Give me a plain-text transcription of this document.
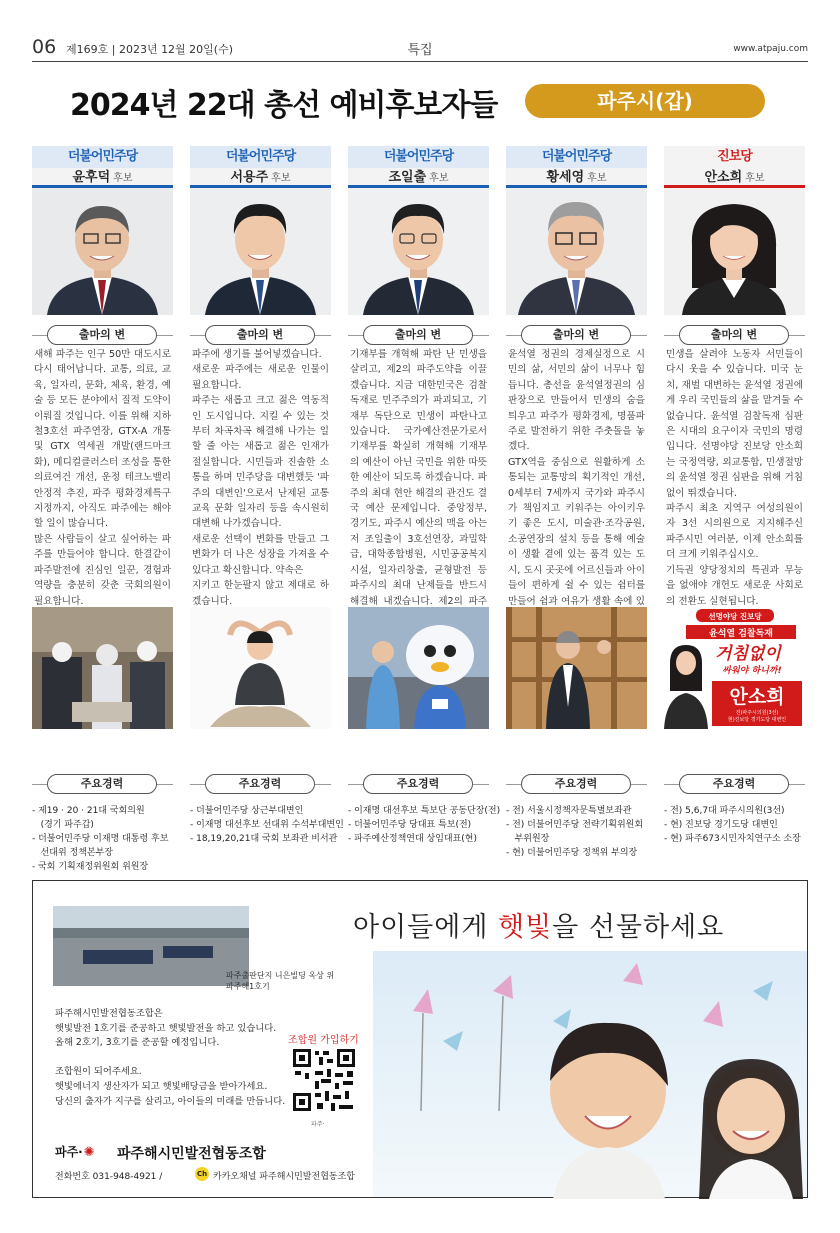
06 제169호 | 2023년 12월 20일(수)	특집	www.atpaju.com
2024년 22대 총선 예비후보자들	파주시(갑)
더불어민주당
윤후덕 후보
출마의 변
새해 파주는 인구 50만 대도시로 다시 태어납니다. 교통, 의료, 교육, 일자리, 문화, 체육, 환경, 예술 등 모든 분야에서 질적 도약이 이뤄질 것입니다. 이를 위해 지하철3호선 파주연장, GTX-A 개통 및 GTX 역세권 개발(랜드마크화), 메디컬클러스터 조성을 통한 의료여건 개선, 운정 테크노밸리 안정적 추진, 파주 평화경제특구 지정까지, 아직도 파주에는 해야 할 일이 많습니다.
많은 사람들이 살고 싶어하는 파주를 만들어야 합니다. 한결같이 파주발전에 진심인 일꾼, 경험과 역량을 충분히 갖춘 국회의원이 필요합니다.

더불어민주당
서용주 후보
출마의 변
파주에 생기를 불어넣겠습니다.
새로운 파주에는 새로운 인물이 필요합니다.
파주는 새롭고 크고 젊은 역동적인 도시입니다. 지킬 수 있는 것부터 차곡차곡 해결해 나가는 일할 줄 아는 새롭고 젊은 인재가 절실합니다. 시민들과 진솔한 소통을 하며 민주당을 대변했듯 '파주의 대변인'으로서 난제된 교통 교육 문화 일자리 등을 속시원히 대변해 나가겠습니다.
새로운 선택이 변화를 만들고 그 변화가 더 나은 성장을 가져올 수 있다고 확신합니다. 약속은
지키고 한눈팔지 않고 제대로 하겠습니다.
더불어민주당
조일출 후보
출마의 변
기재부를 개혁해 파탄 난 민생을 살리고, 제2의 파주도약을 이끌겠습니다. 지금 대한민국은 검찰독재로 민주주의가 파괴되고, 기재부 독단으로 민생이 파탄나고 있습니다. 국가예산전문가로서 기재부를 확실히 개혁해 기재부의 예산이 아닌 국민을 위한 따뜻한 예산이 되도록 하겠습니다. 파주의 최대 현안 해결의 관건도 결국 예산 문제입니다. 중앙정부, 경기도, 파주시 예산의 맥을 아는 저 조일출이 3호선연장, 과밀학급, 대학종합병원, 시민공공복지시설, 일자리창출, 균형발전 등 파주시의 최대 난제들을 반드시 해결해 내겠습니다. 제2의 파주
더불어민주당
황세영 후보
출마의 변
윤석열 정권의 경제실정으로 시민의 삶, 서민의 삶이 너무나 힘듭니다. 총선을 윤석열정권의 심판장으로 만들어서 민생의 숨을 틔우고 파주가 평화경제, 명품파주로 발전하기 위한 주춧돌을 놓겠다.
GTX역을 중심으로 원활하게 소통되는 교통망의 획기적인 개선, 0세부터 7세까지 국가와 파주시가 책임지고 키워주는 아이키우기 좋은 도시, 미술관·조각공원, 소공연장의 설치 등을 통해 예술이 생활 곁에 있는 품격 있는 도시, 도시 곳곳에 어르신들과 아이들이 편하게 쉴 수 있는 쉼터를 만들어 쉼과 여유가 생활 속에 있
진보당
안소희 후보
출마의 변
민생을 살려야 노동자 서민들이 다시 웃을 수 있습니다. 미국 눈치, 재벌 대변하는 윤석열 정권에게 우리 국민들의 삶을 맡겨둘 수 없습니다. 윤석열 검찰독재 심판은 시대의 요구이자 국민의 명령입니다. 선명야당 진보당 안소희는 국정역량, 외교통합, 민생절망의 윤석열 정권 심판을 위해 거침없이 뛰겠습니다.
파주시 최초 지역구 여성의원이자 3선 시의원으로 지지해주신 파주시민 여러분, 이제 안소희를 더 크게 키워주십시오.
기득권 양당정치의 특권과 무능을 없애야 개헌도 새로운 사회로의 전환도 실현됩니다.
선명야당 진보당
윤석열 검찰독재
거침없이
싸워야 하니까!
안소희
전)파주시의원(3선)
현)진보당 경기도당 대변인
주요경력
- 제19 · 20 · 21대 국회의원
(경기 파주갑)
- 더불어민주당 이재명 대통령 후보
선대위 정책본부장
- 국회 기획재정위원회 위원장
주요경력
- 더불어민주당 상근부대변인
- 이재명 대선후보 선대위 수석부대변인
- 18,19,20,21대 국회 보좌관 비서관
주요경력
- 이재명 대선후보 특보단 공동단장(전)
- 더불어민주당 당대표 특보(전)
- 파주예산정책연대 상임대표(현)
주요경력
- 전) 서울시정책자문특별보좌관
- 전) 더불어민주당 전략기획위원회
부위원장
- 현) 더불어민주당 정책위 부의장
주요경력
- 전) 5,6,7대 파주시의원(3선)
- 현) 진보당 경기도당 대변인
- 현) 파주673시민자치연구소 소장
아이들에게 햇빛을 선물하세요
파주출판단지 니은빌딩 옥상 위
파주해1호기
파주해시민발전협동조합은
햇빛발전 1호기를 준공하고 햇빛발전을 하고 있습니다.
올해 2호기, 3호기를 준공할 예정입니다.

조합원이 되어주세요.
햇빛에너지 생산자가 되고 햇빛배당금을 받아가세요.
당신의 출자가 지구를 살리고, 아이들의 미래를 만듭니다.
조합원 가입하기
파주·
파주·✺ 파주해시민발전협동조합
전화번호 031-948-4921 /	Ch 카카오채널 파주해시민발전협동조합
